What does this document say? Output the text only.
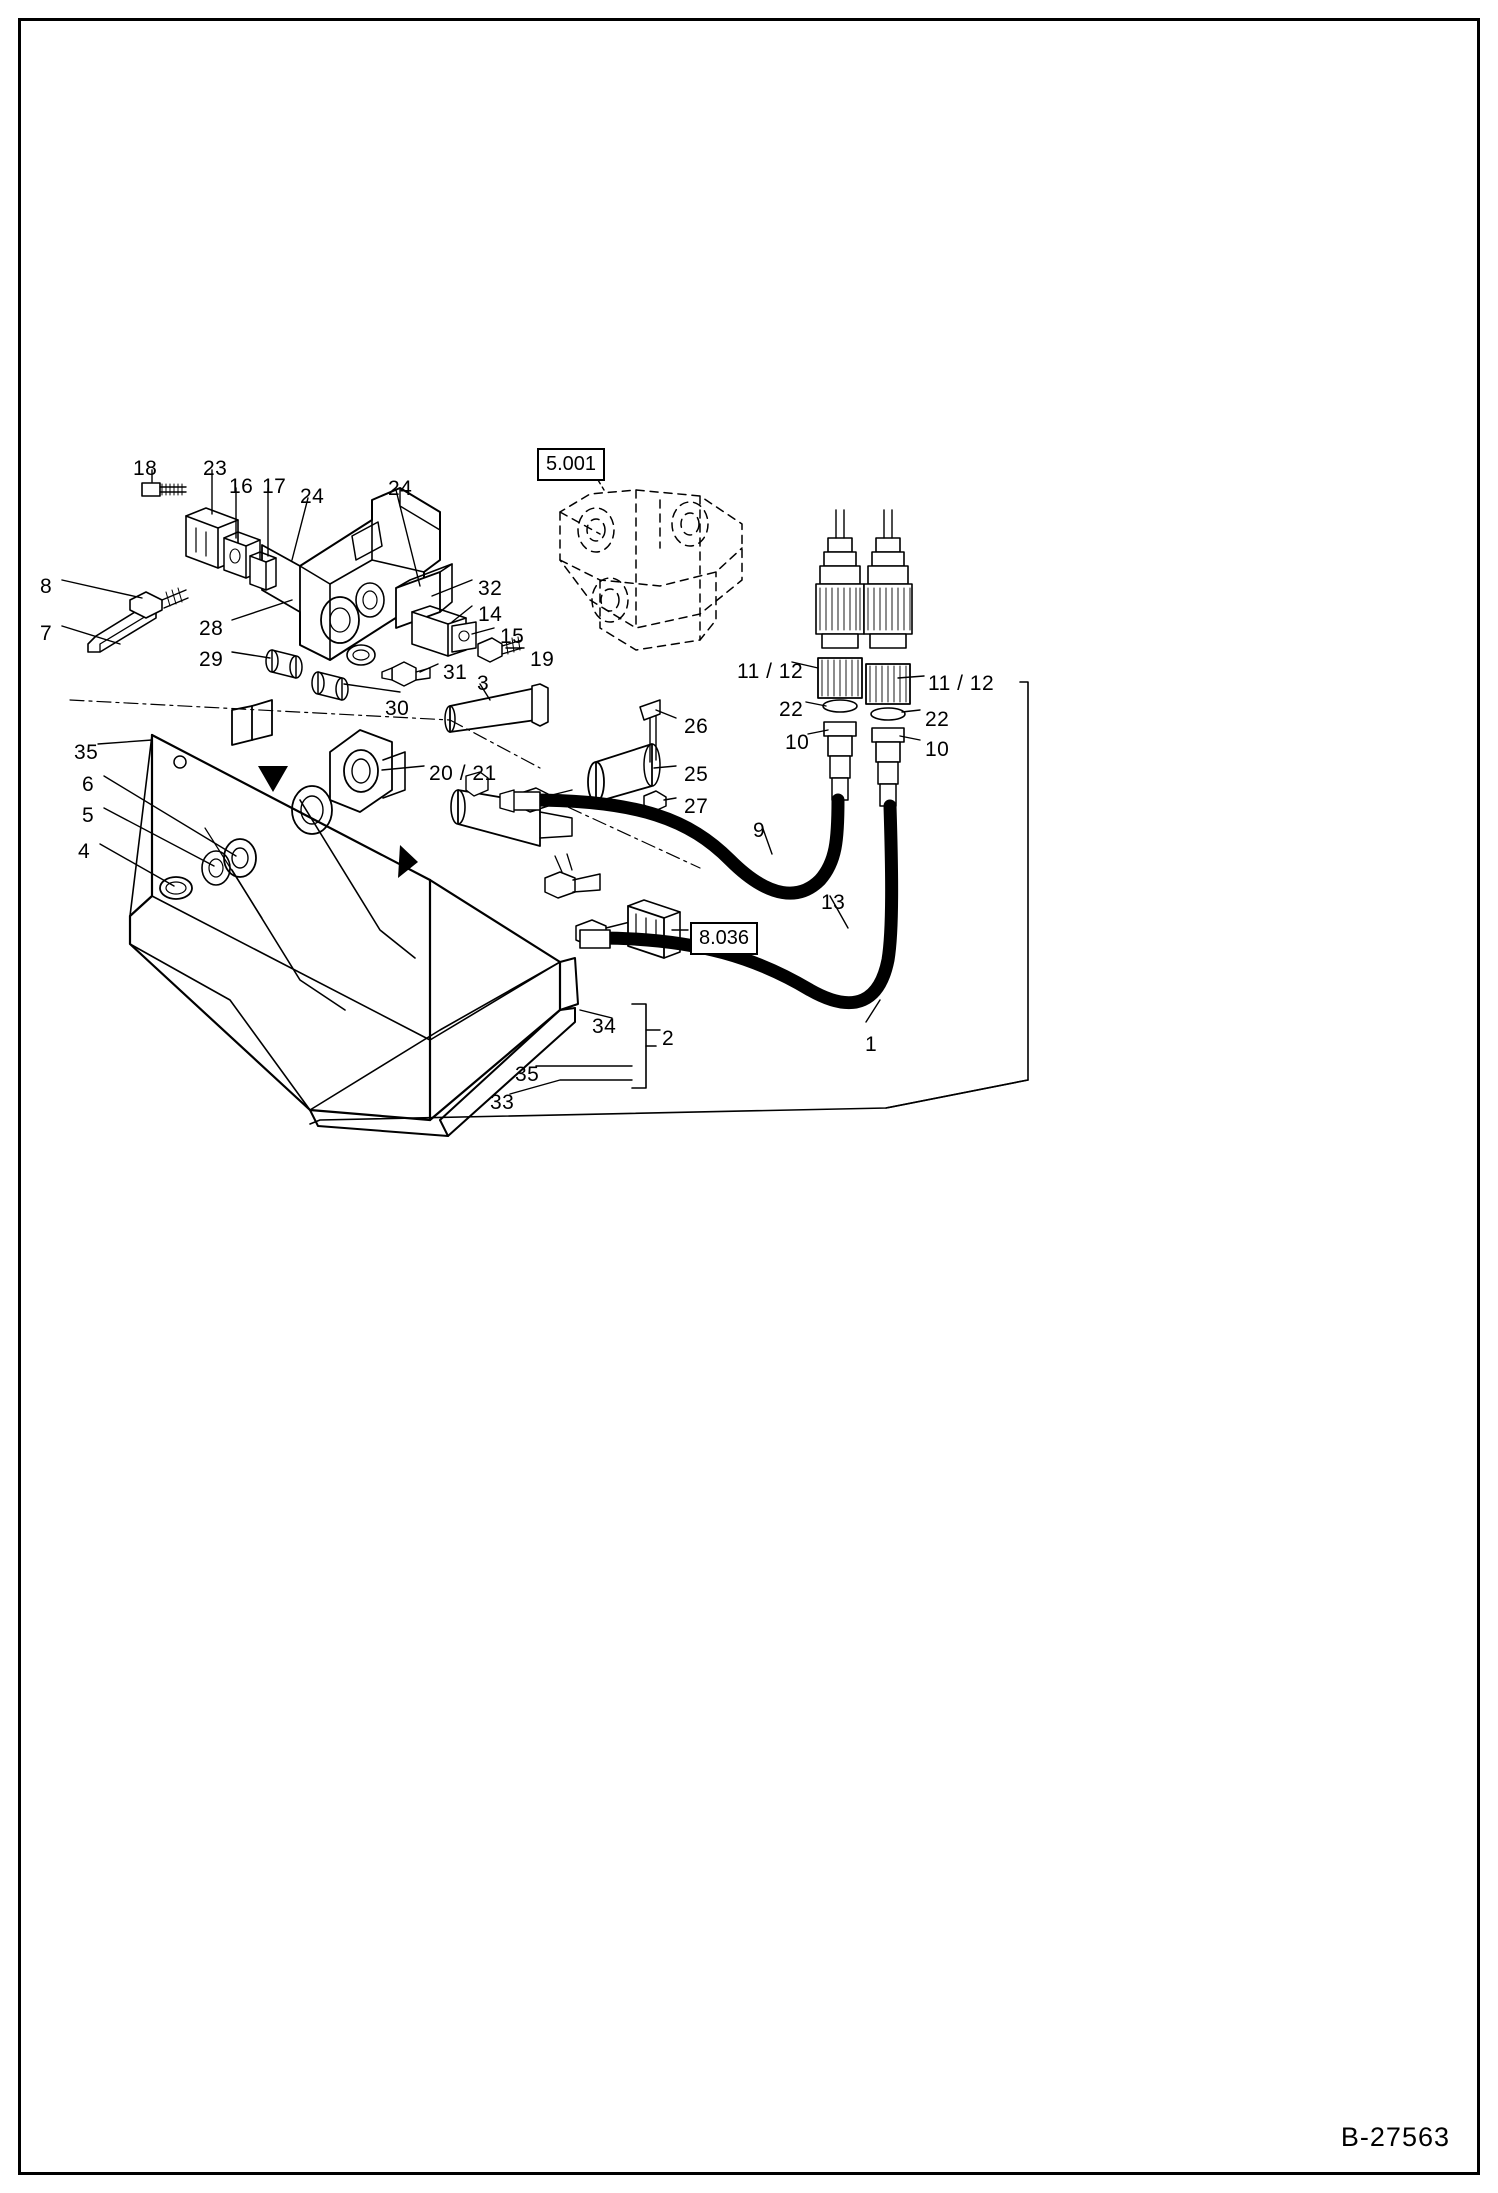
5.001
8.036
18 23
16 17 24	24
8
7	28
29
32
14
15
19
31
30
3
26
25
27
35
6
5
4
20 / 21
11 / 12
11 / 12
22	22
10	10
9
13
34
2
35
33
1
B-27563
